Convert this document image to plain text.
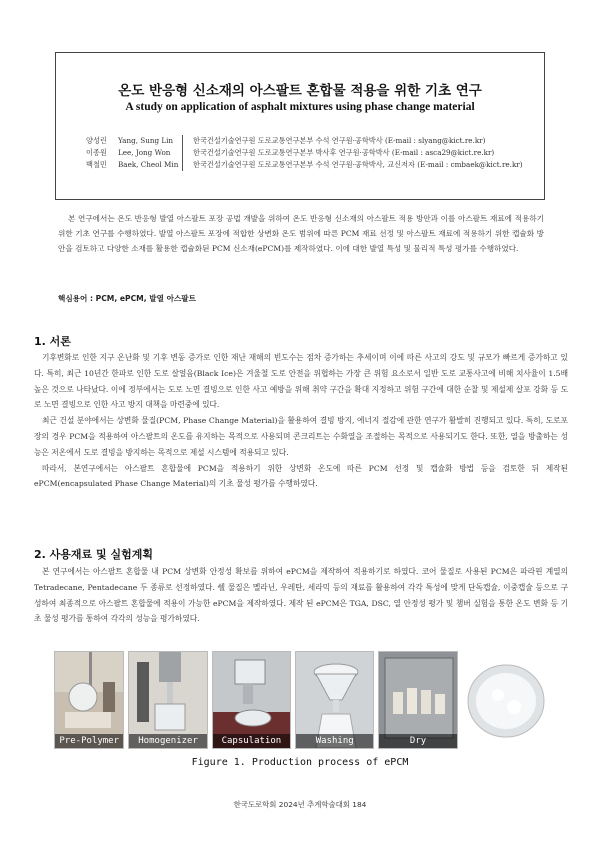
온도 반응형 신소재의 아스팔트 혼합물 적용을 위한 기초 연구
A study on application of asphalt mixtures using phase change material
양성린	Yang, Sung Lin	한국건설기술연구원 도로교통연구본부 수석 연구원·공학박사 (E-mail : slyang@kict.re.kr)
이종원	Lee, Jong Won	한국건설기술연구원 도로교통연구본부 박사후 연구원·공학박사 (E-mail : asca29@kict.re.kr)
백철민	Baek, Cheol Min	한국건설기술연구원 도로교통연구본부 수석 연구원·공학박사, 교신저자 (E-mail : cmbaek@kict.re.kr)
본 연구에서는 온도 반응형 발열 아스팔트 포장 공법 개발을 위하여 온도 반응형 신소재의 아스팔트 적용 방안과 이를 아스팔트 재료에 적용하기 위한 기초 연구를 수행하였다. 발열 아스팔트 포장에 적합한 상변화 온도 범위에 따른 PCM 재료 선정 및 아스팔트 재료에 적용하기 위한 캡슐화 방안을 검토하고 다양한 소재를 활용한 캡슐화된 PCM 신소재(ePCM)를 제작하였다. 이에 대한 발열 특성 및 물리적 특성 평가를 수행하였다.
핵심용어 : PCM, ePCM, 발열 아스팔트
1. 서론

기후변화로 인한 지구 온난화 및 기후 변동 증가로 인한 재난 재해의 빈도수는 점차 증가하는 추세이며 이에 따른 사고의 강도 및 규모가 빠르게 증가하고 있다. 특히, 최근 10년간 한파로 인한 도로 살얼음(Black Ice)은 겨울철 도로 안전을 위협하는 가장 큰 위험 요소로서 일반 도로 교통사고에 비해 치사율이 1.5배 높은 것으로 나타났다. 이에 정부에서는 도로 노면 결빙으로 인한 사고 예방을 위해 취약 구간을 확대 지정하고 위험 구간에 대한 순찰 및 제설제 살포 강화 등 도로 노면 결빙으로 인한 사고 방지 대책을 마련중에 있다.

최근 건설 분야에서는 상변화 물질(PCM, Phase Change Material)을 활용하여 결빙 방지, 에너지 절감에 관한 연구가 활발히 진행되고 있다. 특히, 도로포장의 경우 PCM을 적용하여 아스팔트의 온도를 유지하는 목적으로 사용되며 콘크리트는 수화열을 조절하는 목적으로 사용되기도 한다. 또한, 열을 방출하는 성능은 저온에서 도로 결빙을 방지하는 목적으로 제설 시스템에 적용되고 있다.

따라서, 본연구에서는 아스팔트 혼합물에 PCM을 적용하기 위한 상변화 온도에 따른 PCM 선정 및 캡슐화 방법 등을 검토한 뒤 제작된 ePCM(encapsulated Phase Change Material)의 기초 물성 평가를 수행하였다.

2. 사용재료 및 실험계획

본 연구에서는 아스팔트 혼합물 내 PCM 상변화 안정성 확보를 위하여 ePCM을 제작하여 적용하기로 하였다. 코어 물질로 사용된 PCM은 파라핀 계열의 Tetradecane, Pentadecane 두 종류로 선정하였다. 쉘 물질은 멜라닌, 우레탄, 세라믹 등의 재료를 활용하여 각각 특성에 맞게 단독캡슐, 이중캡슐 등으로 구성하여 최종적으로 아스팔트 혼합물에 적용이 가능한 ePCM을 제작하였다. 제작 된 ePCM은 TGA, DSC, 열 안정성 평가 및 챔버 실험을 통한 온도 변화 등 기초 물성 평가를 통하여 각각의 성능을 평가하였다.

Pre-Polymer	Homogenizer	Capsulation	Washing	Dry
Figure 1. Production process of ePCM
한국도로학회 2024년 추계학술대회 184
